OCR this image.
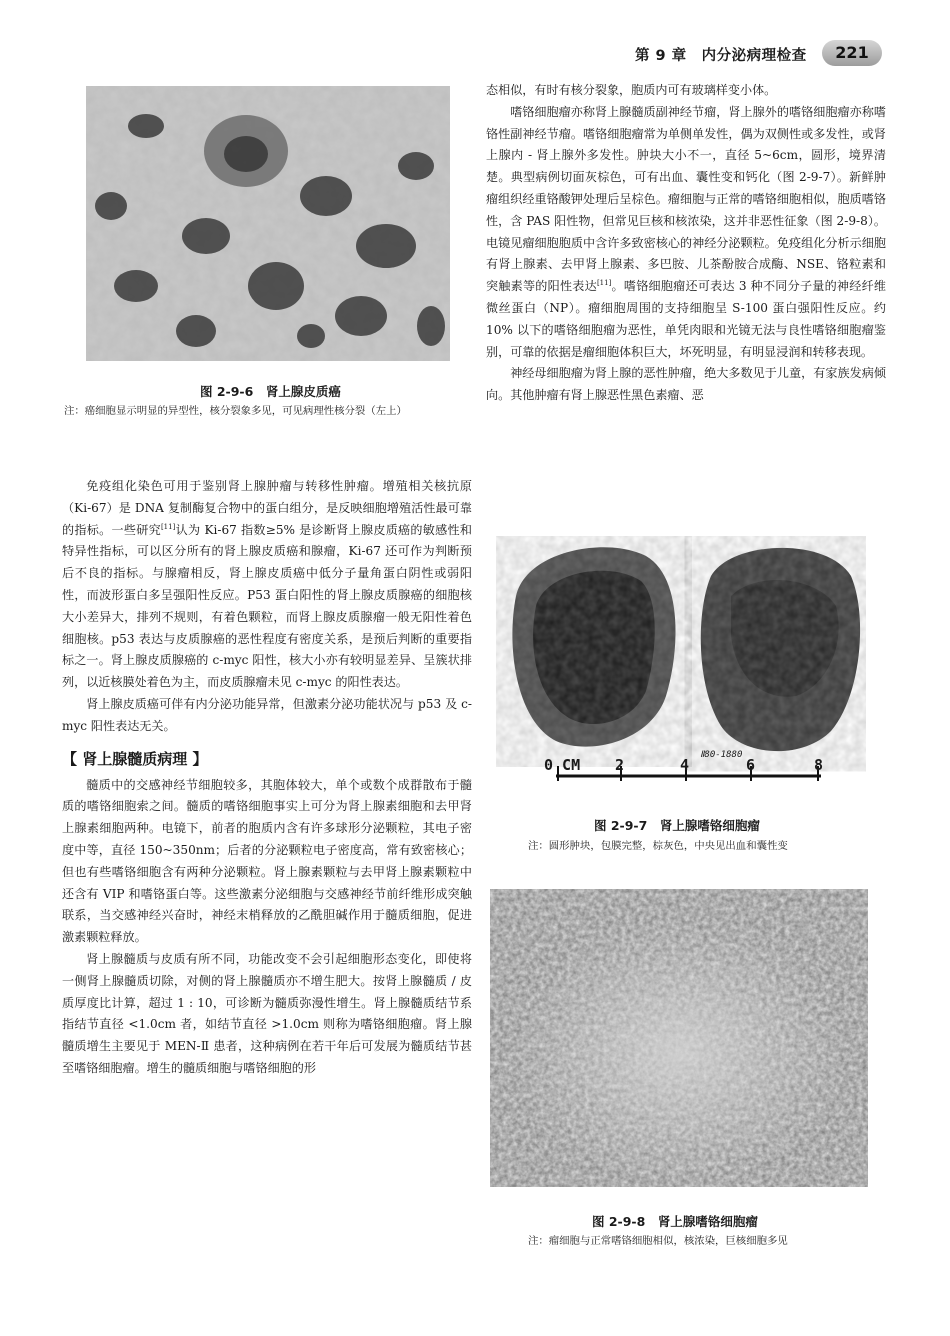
第 9 章　内分泌病理检查	221
图 2-9-6　肾上腺皮质癌
注：癌细胞显示明显的异型性，核分裂象多见，可见病理性核分裂（左上）

免疫组化染色可用于鉴别肾上腺肿瘤与转移性肿瘤。增殖相关核抗原（Ki-67）是 DNA 复制酶复合物中的蛋白组分，是反映细胞增殖活性最可靠的指标。一些研究[11]认为 Ki-67 指数≥5% 是诊断肾上腺皮质癌的敏感性和特异性指标，可以区分所有的肾上腺皮质癌和腺瘤，Ki-67 还可作为判断预后不良的指标。与腺瘤相反，肾上腺皮质癌中低分子量角蛋白阴性或弱阳性，而波形蛋白多呈强阳性反应。P53 蛋白阳性的肾上腺皮质腺癌的细胞核大小差异大，排列不规则，有着色颗粒，而肾上腺皮质腺瘤一般无阳性着色细胞核。p53 表达与皮质腺癌的恶性程度有密度关系，是预后判断的重要指标之一。肾上腺皮质腺癌的 c-myc 阳性，核大小亦有较明显差异、呈簇状排列，以近核膜处着色为主，而皮质腺瘤未见 c-myc 的阳性表达。

肾上腺皮质癌可伴有内分泌功能异常，但激素分泌功能状况与 p53 及 c-myc 阳性表达无关。

【 肾上腺髓质病理 】

髓质中的交感神经节细胞较多，其胞体较大，单个或数个成群散布于髓质的嗜铬细胞索之间。髓质的嗜铬细胞事实上可分为肾上腺素细胞和去甲肾上腺素细胞两种。电镜下，前者的胞质内含有许多球形分泌颗粒，其电子密度中等，直径 150~350nm；后者的分泌颗粒电子密度高，常有致密核心；但也有些嗜铬细胞含有两种分泌颗粒。肾上腺素颗粒与去甲肾上腺素颗粒中还含有 VIP 和嗜铬蛋白等。这些激素分泌细胞与交感神经节前纤维形成突触联系，当交感神经兴奋时，神经末梢释放的乙酰胆碱作用于髓质细胞，促进激素颗粒释放。

肾上腺髓质与皮质有所不同，功能改变不会引起细胞形态变化，即使将一侧肾上腺髓质切除，对侧的肾上腺髓质亦不增生肥大。按肾上腺髓质 / 皮质厚度比计算，超过 1 : 10，可诊断为髓质弥漫性增生。肾上腺髓质结节系指结节直径 <1.0cm 者，如结节直径 >1.0cm 则称为嗜铬细胞瘤。肾上腺髓质增生主要见于 MEN-Ⅱ 患者，这种病例在若干年后可发展为髓质结节甚至嗜铬细胞瘤。增生的髓质细胞与嗜铬细胞的形

态相似，有时有核分裂象，胞质内可有玻璃样变小体。

嗜铬细胞瘤亦称肾上腺髓质副神经节瘤，肾上腺外的嗜铬细胞瘤亦称嗜铬性副神经节瘤。嗜铬细胞瘤常为单侧单发性，偶为双侧性或多发性，或肾上腺内 - 肾上腺外多发性。肿块大小不一，直径 5~6cm，圆形，境界清楚。典型病例切面灰棕色，可有出血、囊性变和钙化（图 2-9-7）。新鲜肿瘤组织经重铬酸钾处理后呈棕色。瘤细胞与正常的嗜铬细胞相似，胞质嗜铬性，含 PAS 阳性物，但常见巨核和核浓染，这并非恶性征象（图 2-9-8）。电镜见瘤细胞胞质中含许多致密核心的神经分泌颗粒。免疫组化分析示细胞有肾上腺素、去甲肾上腺素、多巴胺、儿茶酚胺合成酶、NSE、铬粒素和突触素等的阳性表达[11]。嗜铬细胞瘤还可表达 3 种不同分子量的神经纤维微丝蛋白（NP）。瘤细胞周围的支持细胞呈 S-100 蛋白强阳性反应。约 10% 以下的嗜铬细胞瘤为恶性，单凭肉眼和光镜无法与良性嗜铬细胞瘤鉴别，可靠的依据是瘤细胞体积巨大，坏死明显，有明显浸润和转移表现。

神经母细胞瘤为肾上腺的恶性肿瘤，绝大多数见于儿童，有家族发病倾向。其他肿瘤有肾上腺恶性黑色素瘤、恶

0 CM 2	4	6	8
Ⅱ80-1880
图 2-9-7　肾上腺嗜铬细胞瘤
注：圆形肿块，包膜完整，棕灰色，中央见出血和囊性变
图 2-9-8　肾上腺嗜铬细胞瘤
注：瘤细胞与正常嗜铬细胞相似，核浓染，巨核细胞多见
